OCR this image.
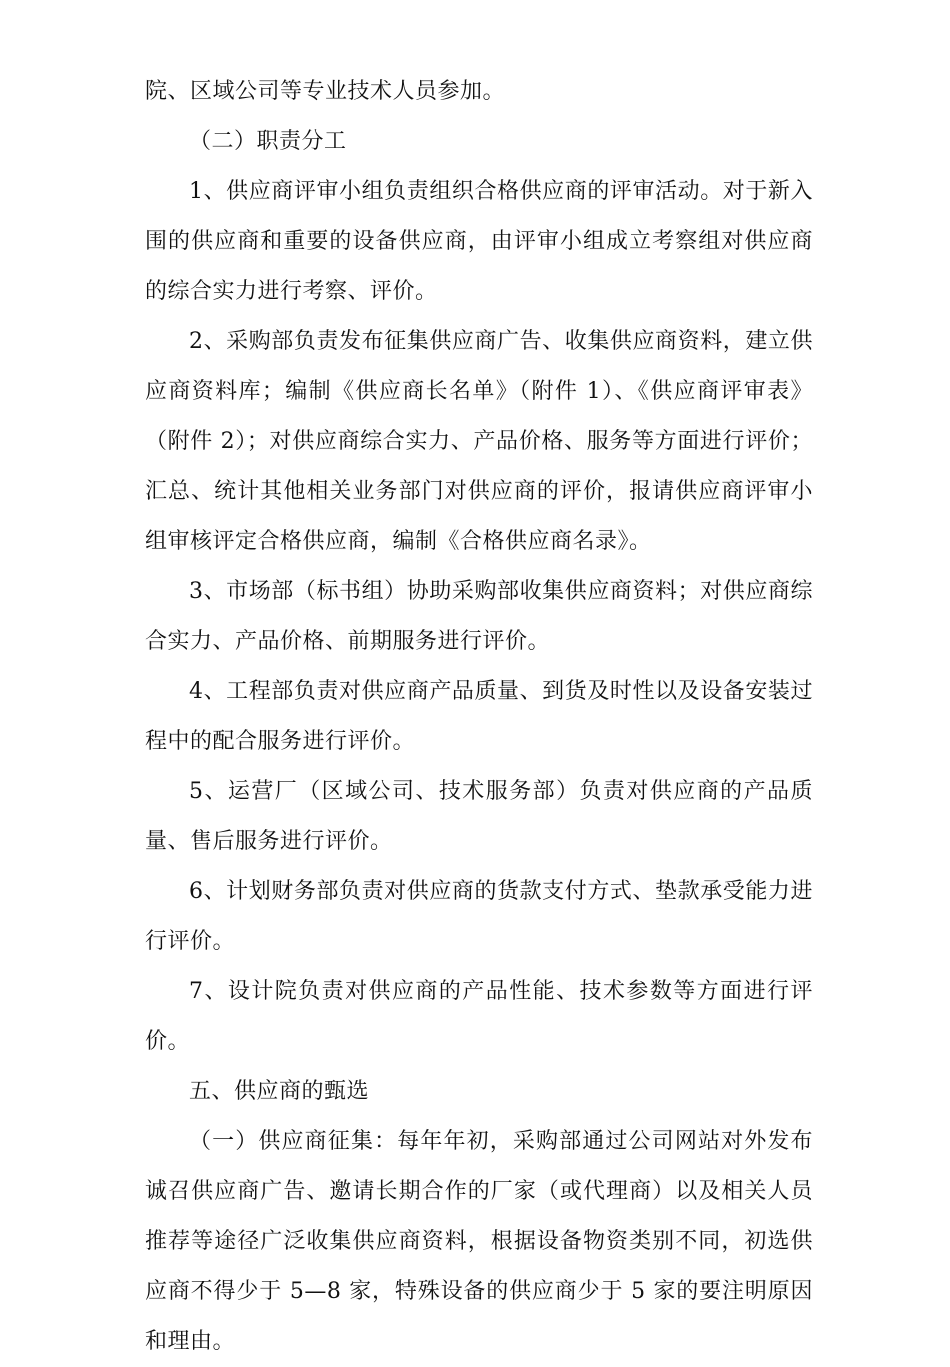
院、区域公司等专业技术人员参加。

（二）职责分工

1、供应商评审小组负责组织合格供应商的评审活动。对于新入围的供应商和重要的设备供应商，由评审小组成立考察组对供应商的综合实力进行考察、评价。

2、采购部负责发布征集供应商广告、收集供应商资料，建立供应商资料库；编制《供应商长名单》（附件 1）、《供应商评审表》（附件 2）；对供应商综合实力、产品价格、服务等方面进行评价；汇总、统计其他相关业务部门对供应商的评价，报请供应商评审小组审核评定合格供应商，编制《合格供应商名录》。

3、市场部（标书组）协助采购部收集供应商资料；对供应商综合实力、产品价格、前期服务进行评价。

4、工程部负责对供应商产品质量、到货及时性以及设备安装过程中的配合服务进行评价。

5、运营厂（区域公司、技术服务部）负责对供应商的产品质量、售后服务进行评价。

6、计划财务部负责对供应商的货款支付方式、垫款承受能力进行评价。

7、设计院负责对供应商的产品性能、技术参数等方面进行评价。

五、供应商的甄选

（一）供应商征集：每年年初，采购部通过公司网站对外发布诚召供应商广告、邀请长期合作的厂家（或代理商）以及相关人员推荐等途径广泛收集供应商资料，根据设备物资类别不同，初选供应商不得少于 5—8 家，特殊设备的供应商少于 5 家的要注明原因和理由。
